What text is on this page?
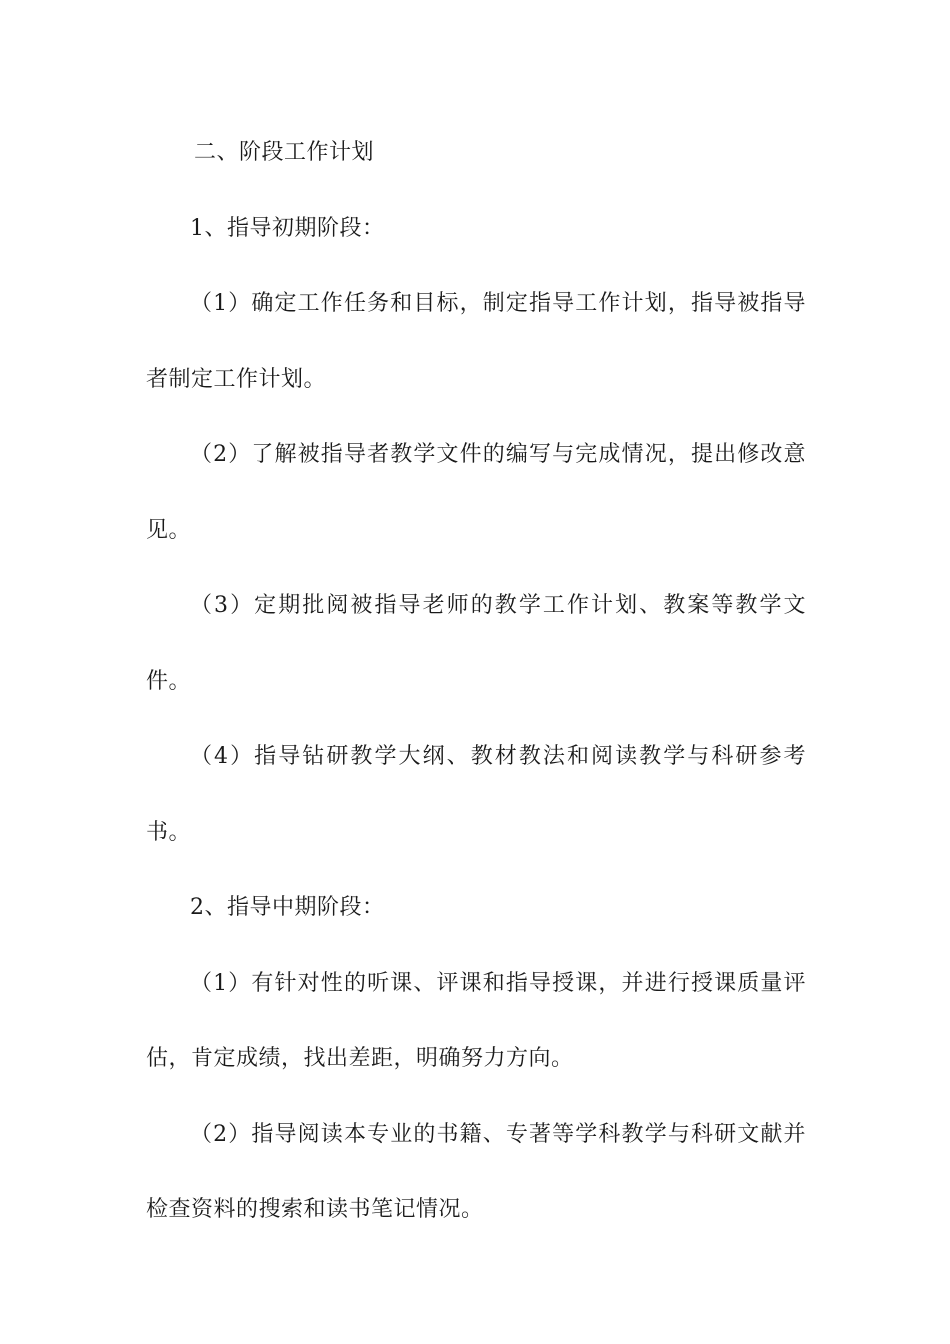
二、阶段工作计划

1、指导初期阶段：

（1）确定工作任务和目标，制定指导工作计划，指导被指导者制定工作计划。

（2）了解被指导者教学文件的编写与完成情况，提出修改意见。

（3）定期批阅被指导老师的教学工作计划、教案等教学文件。

（4）指导钻研教学大纲、教材教法和阅读教学与科研参考书。

2、指导中期阶段：

（1）有针对性的听课、评课和指导授课，并进行授课质量评估，肯定成绩，找出差距，明确努力方向。

（2）指导阅读本专业的书籍、专著等学科教学与科研文献并检查资料的搜索和读书笔记情况。
